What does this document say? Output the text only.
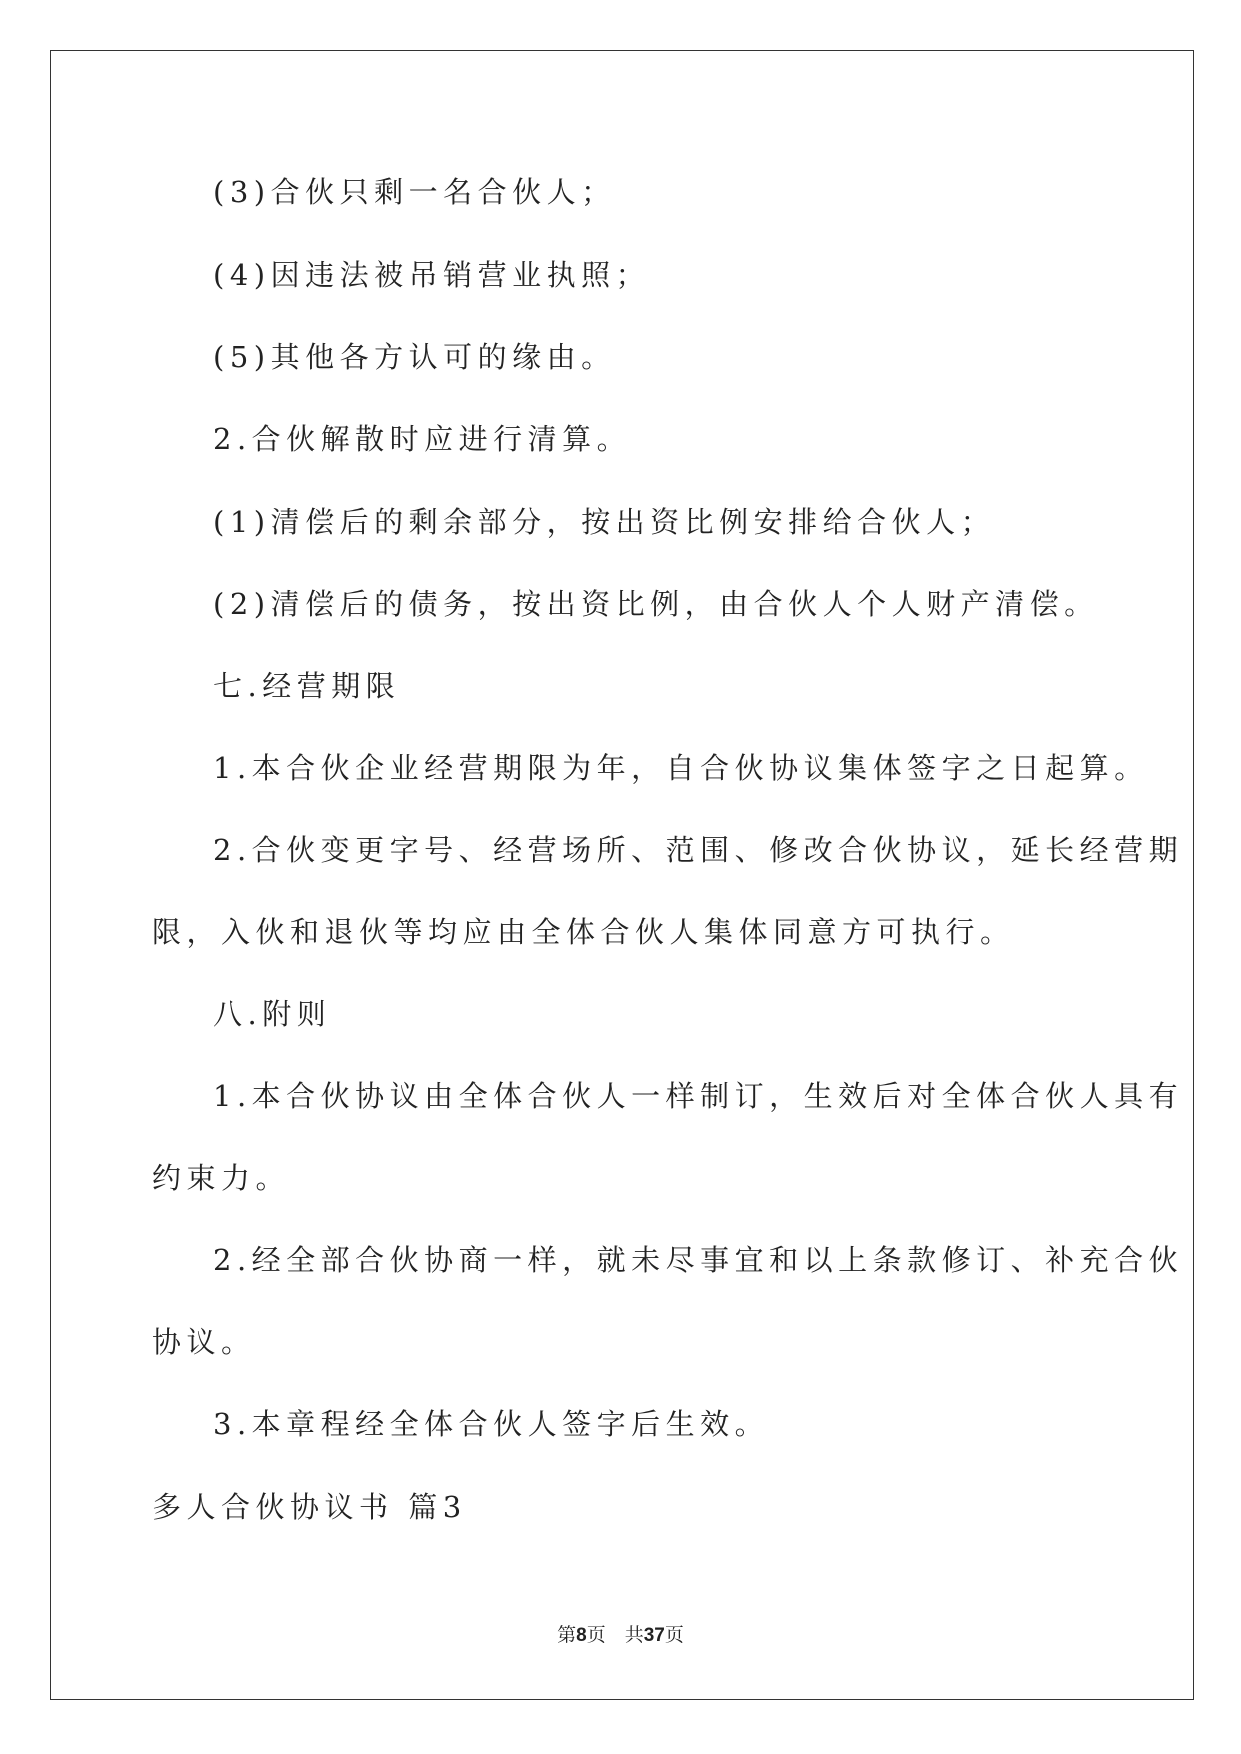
(3)合伙只剩一名合伙人；
(4)因违法被吊销营业执照；
(5)其他各方认可的缘由。
2.合伙解散时应进行清算。
(1)清偿后的剩余部分，按出资比例安排给合伙人；
(2)清偿后的债务，按出资比例，由合伙人个人财产清偿。
七.经营期限
1.本合伙企业经营期限为年，自合伙协议集体签字之日起算。
2.合伙变更字号、经营场所、范围、修改合伙协议，延长经营期
限，入伙和退伙等均应由全体合伙人集体同意方可执行。
八.附则
1.本合伙协议由全体合伙人一样制订，生效后对全体合伙人具有
约束力。
2.经全部合伙协商一样，就未尽事宜和以上条款修订、补充合伙
协议。
3.本章程经全体合伙人签字后生效。
多人合伙协议书 篇3
第8页　共37页
